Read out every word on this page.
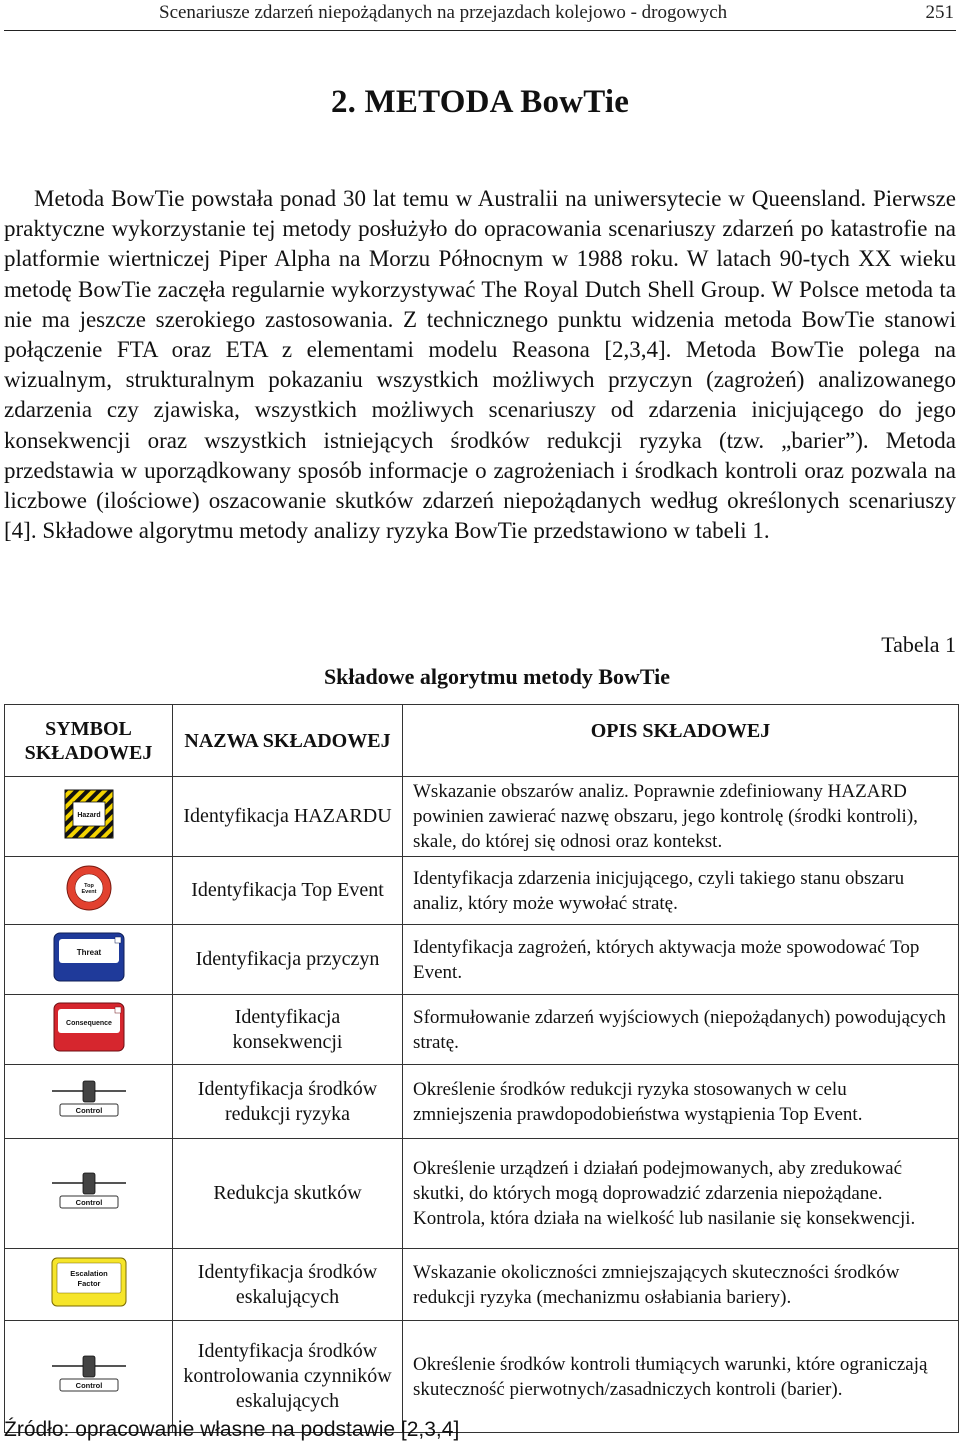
Scenariusze zdarzeń niepożądanych na przejazdach kolejowo - drogowych	251
2. METODA BowTie

Metoda BowTie powstała ponad 30 lat temu w Australii na uniwersytecie w Queensland. Pierwsze praktyczne wykorzystanie tej metody posłużyło do opracowania scenariuszy zdarzeń po katastrofie na platformie wiertniczej Piper Alpha na Morzu Północnym w 1988 roku. W latach 90-tych XX wieku metodę BowTie zaczęła regularnie wykorzystywać The Royal Dutch Shell Group. W Polsce metoda ta nie ma jeszcze szerokiego zastosowania. Z technicznego punktu widzenia metoda BowTie stanowi połączenie FTA oraz ETA z elementami modelu Reasona [2,3,4]. Metoda BowTie polega na wizualnym, strukturalnym pokazaniu wszystkich możliwych przyczyn (zagrożeń) analizowanego zdarzenia czy zjawiska, wszystkich możliwych scenariuszy od zdarzenia inicjującego do jego konsekwencji oraz wszystkich istniejących środków redukcji ryzyka (tzw. „barier”). Metoda przedstawia w uporządkowany sposób informacje o zagrożeniach i środkach kontroli oraz pozwala na liczbowe (ilościowe) oszacowanie skutków zdarzeń niepożądanych według określonych scenariuszy [4]. Składowe algorytmu metody analizy ryzyka BowTie przedstawiono w tabeli 1.

Tabela 1
Składowe algorytmu metody BowTie
SYMBOL SKŁADOWEJ	NAZWA SKŁADOWEJ	OPIS SKŁADOWEJ

Hazard	Identyfikacja HAZARDU	Wskazanie obszarów analiz. Poprawnie zdefiniowany HAZARD powinien zawierać nazwę obszaru, jego kontrolę (środki kontroli), skale, do której się odnosi oraz kontekst.

Top
Event	Identyfikacja Top Event	Identyfikacja zdarzenia inicjującego, czyli takiego stanu obszaru analiz, który może wywołać stratę.

Threat	Identyfikacja przyczyn	Identyfikacja zagrożeń, których aktywacja może spowodować Top Event.

Consequence	Identyfikacja konsekwencji	Sformułowanie zdarzeń wyjściowych (niepożądanych) powodujących stratę.

Control	Identyfikacja środków redukcji ryzyka	Określenie środków redukcji ryzyka stosowanych w celu zmniejszenia prawdopodobieństwa wystąpienia Top Event.

Control	Redukcja skutków	Określenie urządzeń i działań podejmowanych, aby zredukować skutki, do których mogą doprowadzić zdarzenia niepożądane. Kontrola, która działa na wielkość lub nasilanie się konsekwencji.

Escalation
Factor	Identyfikacja środków eskalujących	Wskazanie okoliczności zmniejszających skuteczności środków redukcji ryzyka (mechanizmu osłabiania bariery).

Control	Identyfikacja środków kontrolowania czynników eskalujących	Określenie środków kontroli tłumiących warunki, które ograniczają skuteczność pierwotnych/zasadniczych kontroli (barier).
Źródło: opracowanie własne na podstawie [2,3,4]
